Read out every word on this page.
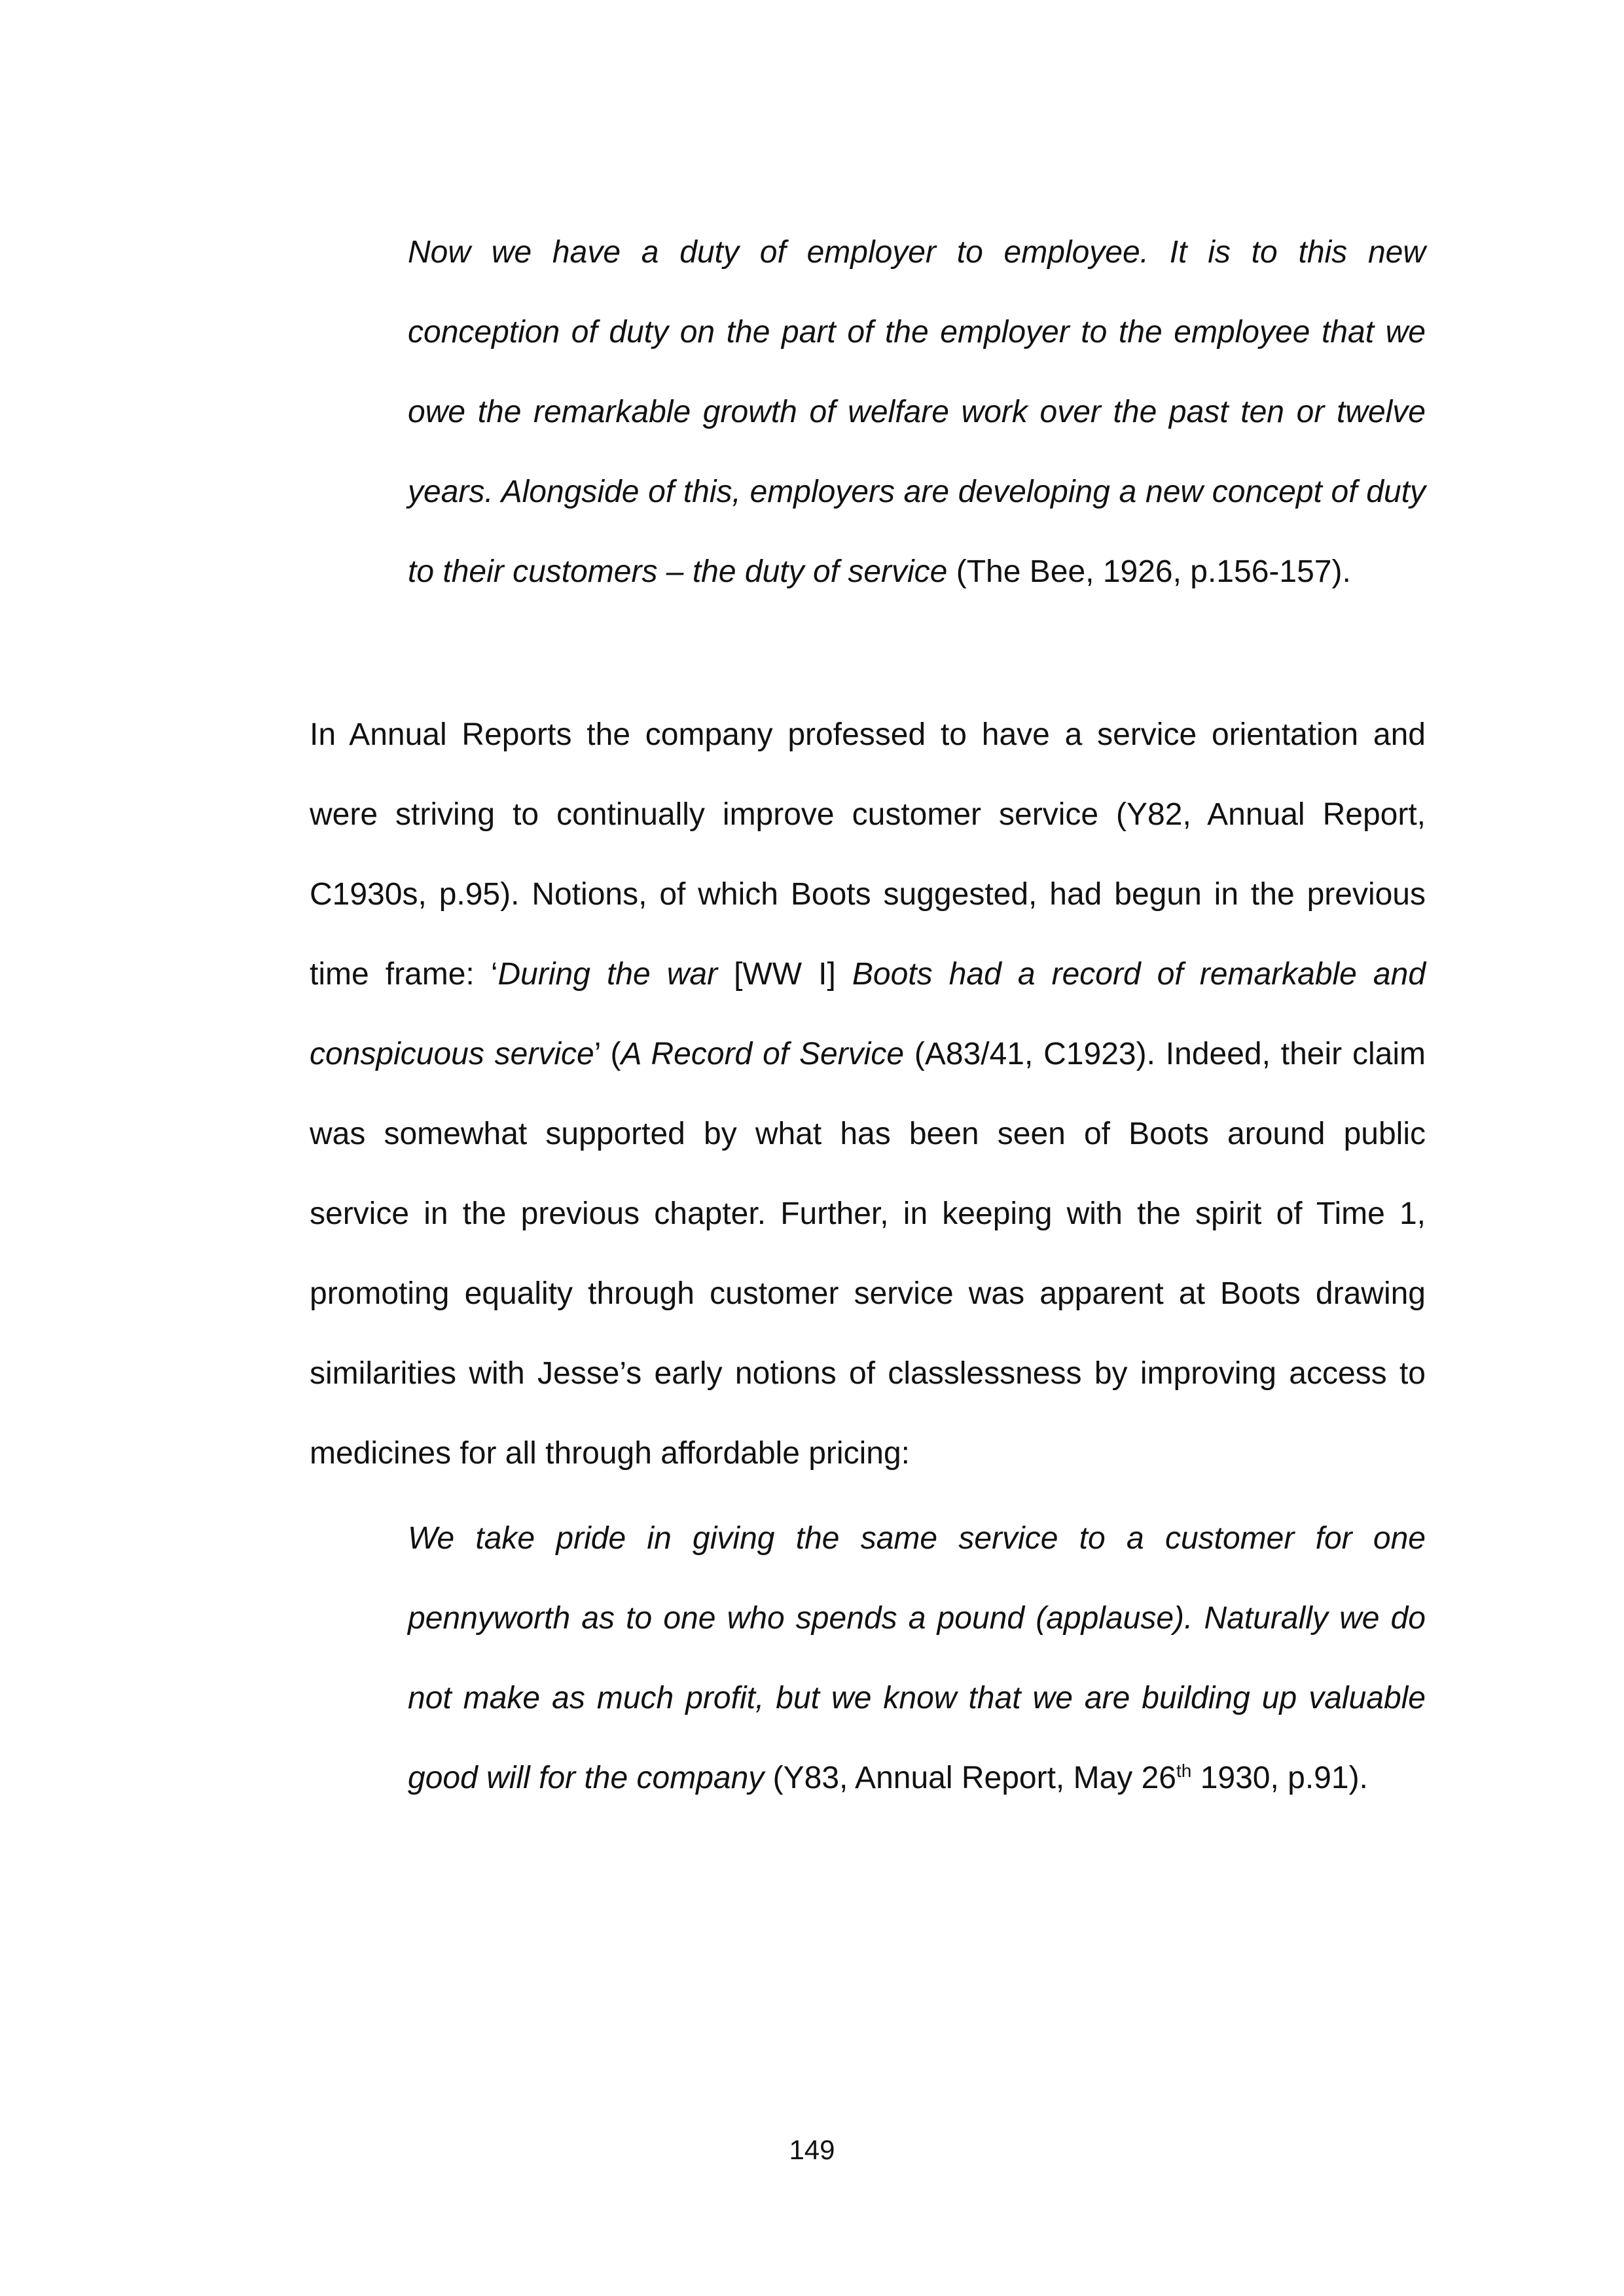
Now we have a duty of employer to employee. It is to this new conception of duty on the part of the employer to the employee that we owe the remarkable growth of welfare work over the past ten or twelve years. Alongside of this, employers are developing a new concept of duty to their customers – the duty of service (The Bee, 1926, p.156-157).
In Annual Reports the company professed to have a service orientation and were striving to continually improve customer service (Y82, Annual Report, C1930s, p.95). Notions, of which Boots suggested, had begun in the previous time frame: ‘During the war [WW I] Boots had a record of remarkable and conspicuous service’ (A Record of Service (A83/41, C1923). Indeed, their claim was somewhat supported by what has been seen of Boots around public service in the previous chapter. Further, in keeping with the spirit of Time 1, promoting equality through customer service was apparent at Boots drawing similarities with Jesse’s early notions of classlessness by improving access to medicines for all through affordable pricing:
We take pride in giving the same service to a customer for one pennyworth as to one who spends a pound (applause). Naturally we do not make as much profit, but we know that we are building up valuable good will for the company (Y83, Annual Report, May 26th 1930, p.91).
149
